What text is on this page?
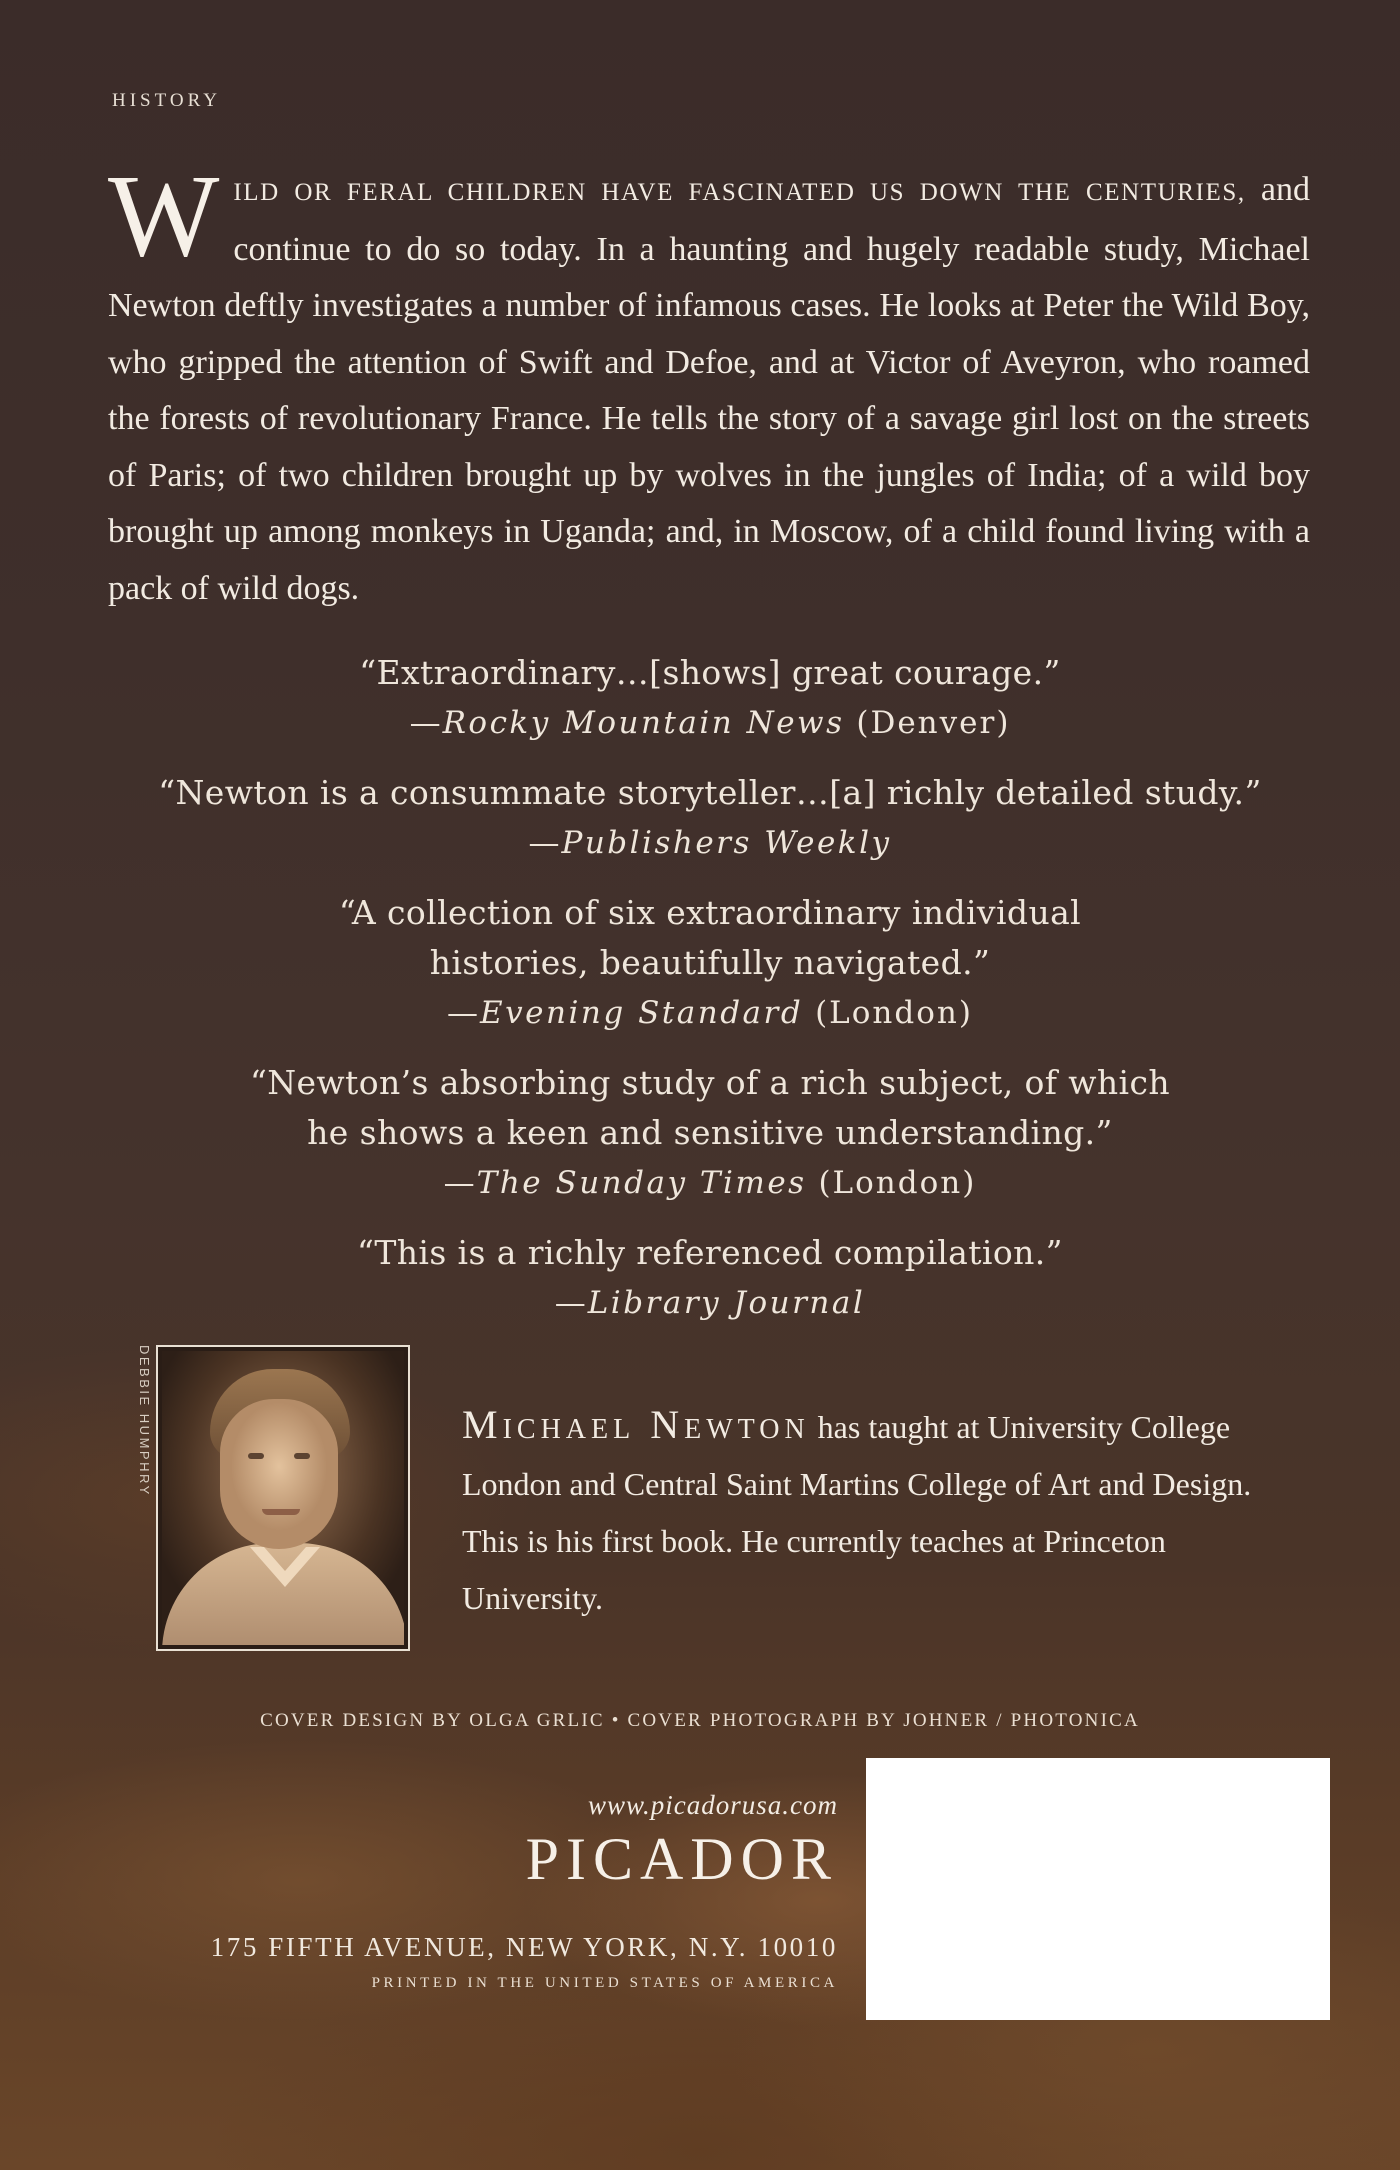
HISTORY
WILD OR FERAL CHILDREN HAVE FASCINATED US DOWN THE CENTURIES, and continue to do so today. In a haunting and hugely readable study, Michael Newton deftly investigates a number of infamous cases. He looks at Peter the Wild Boy, who gripped the attention of Swift and Defoe, and at Victor of Aveyron, who roamed the forests of revolutionary France. He tells the story of a savage girl lost on the streets of Paris; of two children brought up by wolves in the jungles of India; of a wild boy brought up among monkeys in Uganda; and, in Moscow, of a child found living with a pack of wild dogs.
“Extraordinary…[shows] great courage.”
—Rocky Mountain News (Denver)
“Newton is a consummate storyteller…[a] richly detailed study.”
—Publishers Weekly
“A collection of six extraordinary individual
histories, beautifully navigated.”
—Evening Standard (London)
“Newton’s absorbing study of a rich subject, of which
he shows a keen and sensitive understanding.”
—The Sunday Times (London)
“This is a richly referenced compilation.”
—Library Journal
DEBBIE HUMPHRY	Michael Newton has taught at University College London and Central Saint Martins College of Art and Design. This is his first book. He currently teaches at Princeton University.
COVER DESIGN BY OLGA GRLIC • COVER PHOTOGRAPH BY JOHNER / PHOTONICA
www.picadorusa.com
PICADOR
175 FIFTH AVENUE, NEW YORK, N.Y. 10010
PRINTED IN THE UNITED STATES OF AMERICA
